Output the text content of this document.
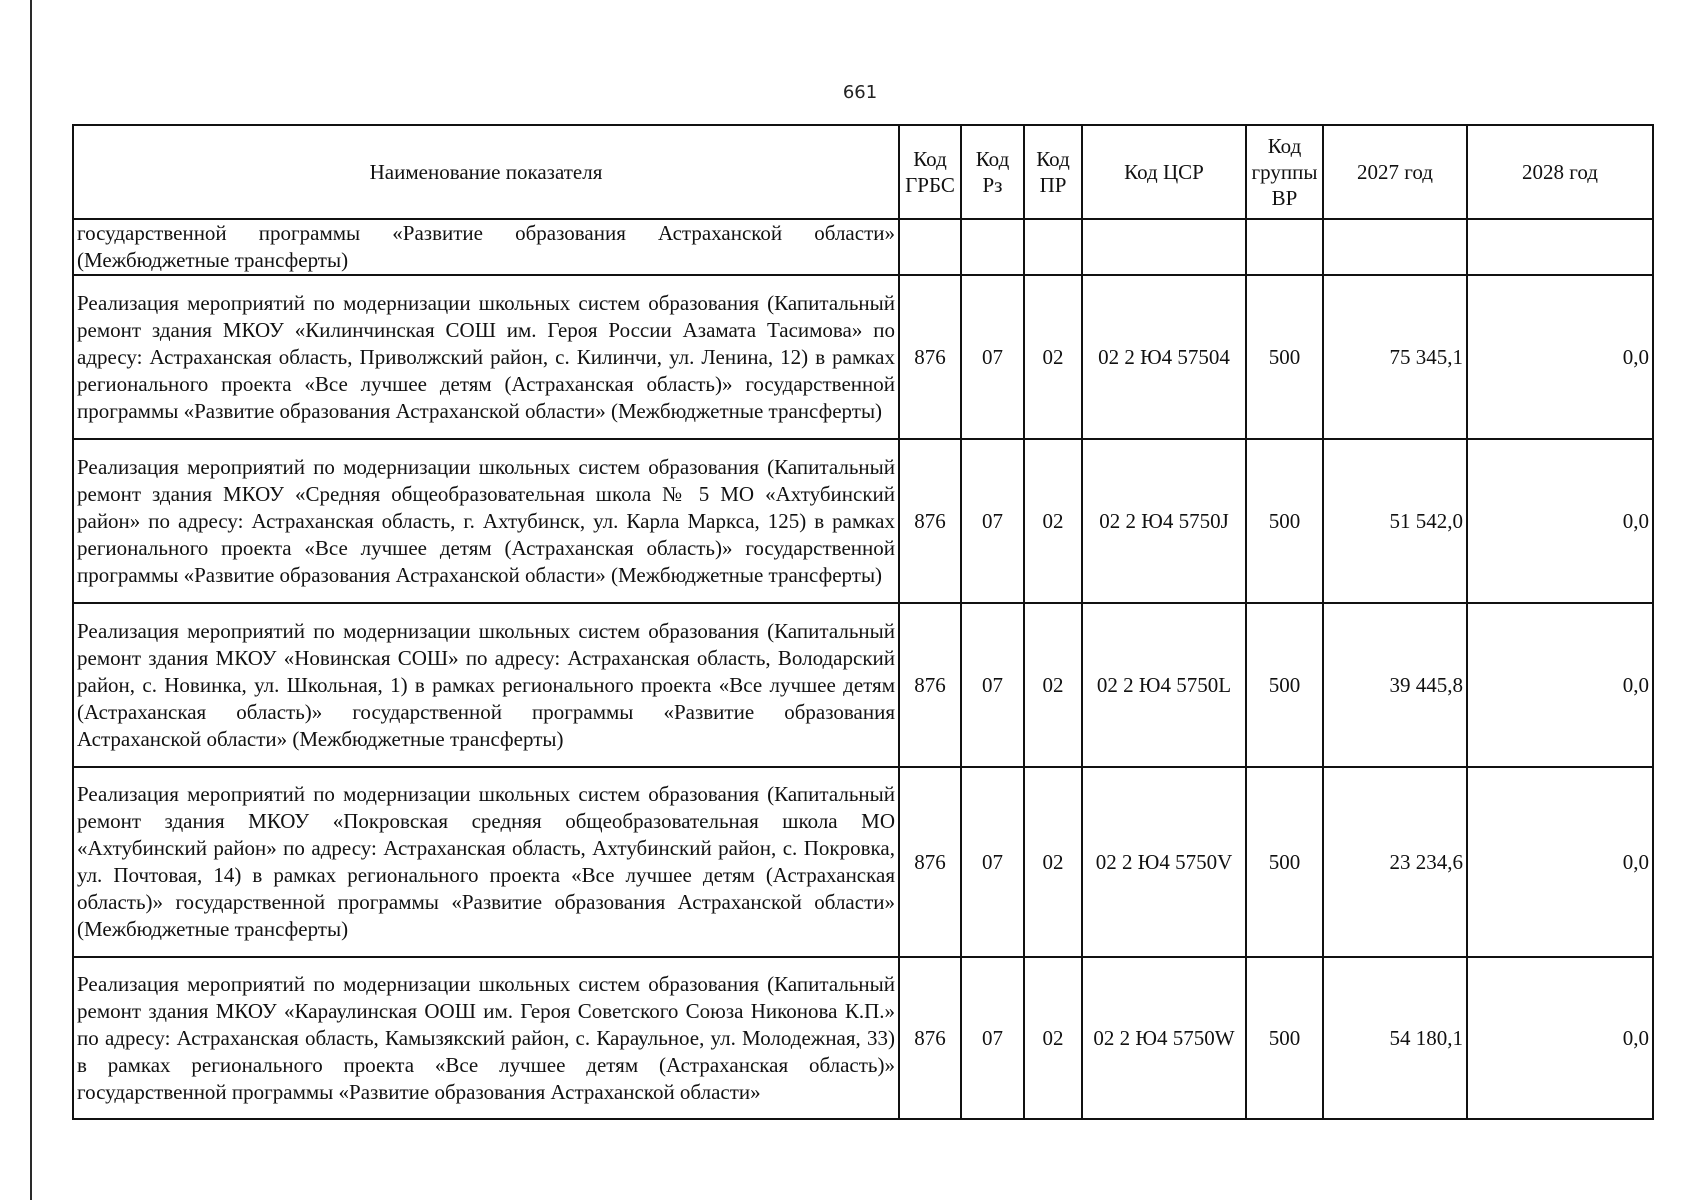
661
Наименование показателя	Код ГРБС	Код Рз	Код ПР	Код ЦСР	Код группы ВР	2027 год	2028 год
государственной программы «Развитие образования Астраханской области» (Межбюджетные трансферты)							
Реализация мероприятий по модернизации школьных систем образования (Капитальный ремонт здания МКОУ «Килинчинская СОШ им. Героя России Азамата Тасимова» по адресу: Астраханская область, Приволжский район, с. Килинчи, ул. Ленина, 12) в рамках регионального проекта «Все лучшее детям (Астраханская область)» государственной программы «Развитие образования Астраханской области» (Межбюджетные трансферты)	876	07	02	02 2 Ю4 57504	500	75 345,1	0,0
Реализация мероприятий по модернизации школьных систем образования (Капитальный ремонт здания МКОУ «Средняя общеобразовательная школа № 5 МО «Ахтубинский район» по адресу: Астраханская область, г. Ахтубинск, ул. Карла Маркса, 125) в рамках регионального проекта «Все лучшее детям (Астраханская область)» государственной программы «Развитие образования Астраханской области» (Межбюджетные трансферты)	876	07	02	02 2 Ю4 5750J	500	51 542,0	0,0
Реализация мероприятий по модернизации школьных систем образования (Капитальный ремонт здания МКОУ «Новинская СОШ» по адресу: Астраханская область, Володарский район, с. Новинка, ул. Школьная, 1) в рамках регионального проекта «Все лучшее детям (Астраханская область)» государственной программы «Развитие образования Астраханской области» (Межбюджетные трансферты)	876	07	02	02 2 Ю4 5750L	500	39 445,8	0,0
Реализация мероприятий по модернизации школьных систем образования (Капитальный ремонт здания МКОУ «Покровская средняя общеобразовательная школа МО «Ахтубинский район» по адресу: Астраханская область, Ахтубинский район, с. Покровка, ул. Почтовая, 14) в рамках регионального проекта «Все лучшее детям (Астраханская область)» государственной программы «Развитие образования Астраханской области» (Межбюджетные трансферты)	876	07	02	02 2 Ю4 5750V	500	23 234,6	0,0
Реализация мероприятий по модернизации школьных систем образования (Капитальный ремонт здания МКОУ «Караулинская ООШ им. Героя Советского Союза Никонова К.П.» по адресу: Астраханская область, Камызякский район, с. Караульное, ул. Молодежная, 33) в рамках регионального проекта «Все лучшее детям (Астраханская область)» государственной программы «Развитие образования Астраханской области»	876	07	02	02 2 Ю4 5750W	500	54 180,1	0,0
